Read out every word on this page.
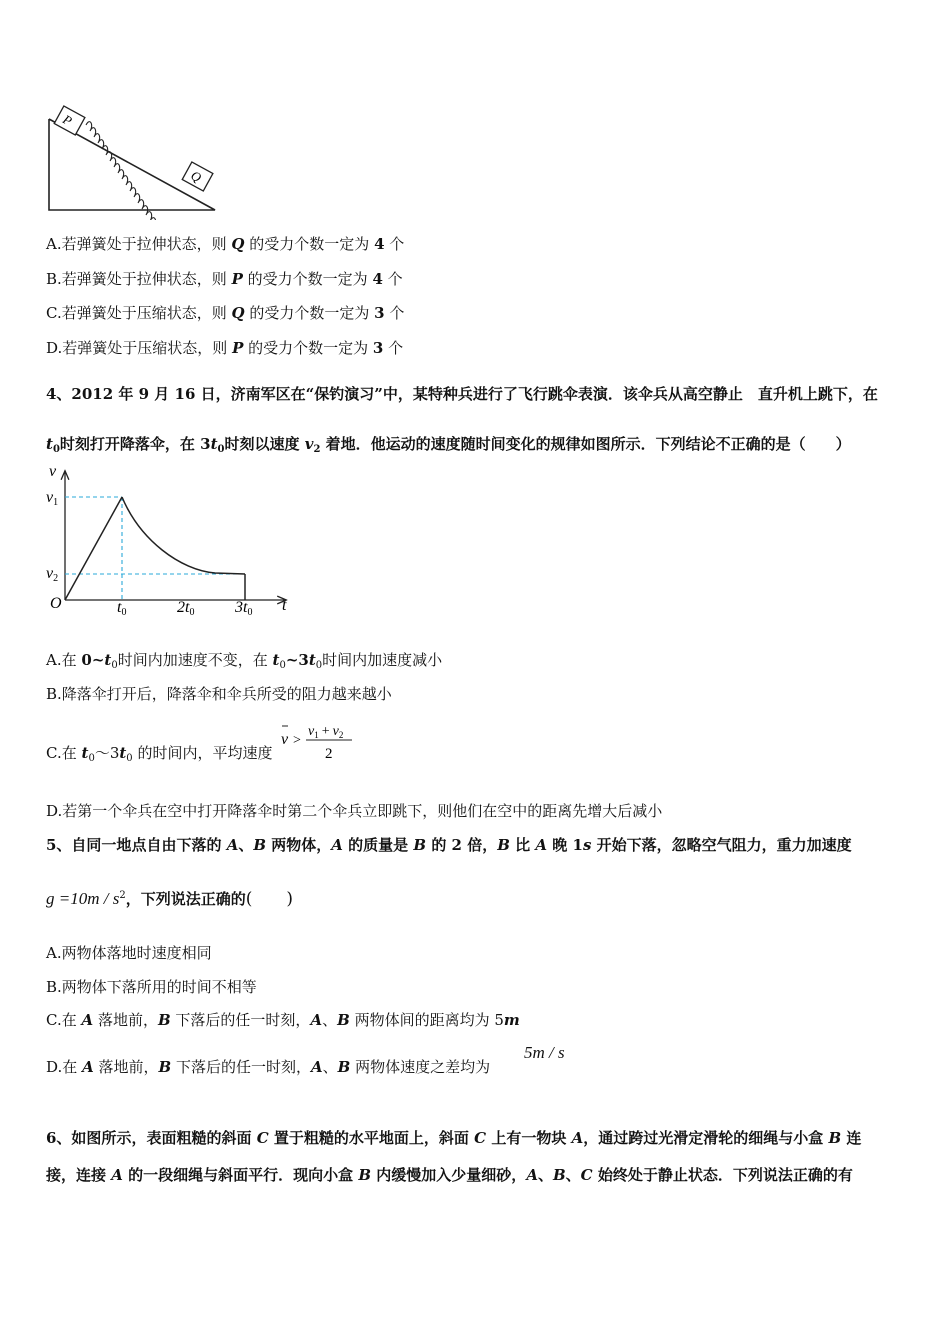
P
Q
A.若弹簧处于拉伸状态，则 Q 的受力个数一定为 4 个
B.若弹簧处于拉伸状态，则 P 的受力个数一定为 4 个
C.若弹簧处于压缩状态，则 Q 的受力个数一定为 3 个
D.若弹簧处于压缩状态，则 P 的受力个数一定为 3 个
4、2012 年 9 月 16 日，济南军区在“保钓演习”中，某特种兵进行了飞行跳伞表演．该伞兵从高空静止　直升机上跳下，在
$t_0$时刻打开降落伞，在 $3t_0$时刻以速度 $v_2$ 着地．他运动的速度随时间变化的规律如图所示．下列结论不正确的是（　　）
v
t
O
v1
v2
t0	2t0	3t0
A.在 $0\sim t_0$时间内加速度不变，在 $t_0\sim 3t_0$时间内加速度减小
B.降落伞打开后，降落伞和伞兵所受的阻力越来越小
C.在 $t_0\sim 3t_0$ 的时间内，平均速度
v >
$v_1 + v_2$
2
D.若第一个伞兵在空中打开降落伞时第二个伞兵立即跳下，则他们在空中的距离先增大后减小
5、自同一地点自由下落的 A、B 两物体，A 的质量是 B 的 2 倍，B 比 A 晚 1s 开始下落，忽略空气阻力，重力加速度
$g =10m / s^2$，下列说法正确的(　　)
A.两物体落地时速度相同
B.两物体下落所用的时间不相等
C.在 A 落地前，B 下落后的任一时刻，A、B 两物体间的距离均为 5m
D.在 A 落地前，B 下落后的任一时刻，A、B 两物体速度之差均为
5m / s
6、如图所示，表面粗糙的斜面 C 置于粗糙的水平地面上，斜面 C 上有一物块 A，通过跨过光滑定滑轮的细绳与小盒 B 连
接，连接 A 的一段细绳与斜面平行．现向小盒 B 内缓慢加入少量细砂，A、B、C 始终处于静止状态．下列说法正确的有
